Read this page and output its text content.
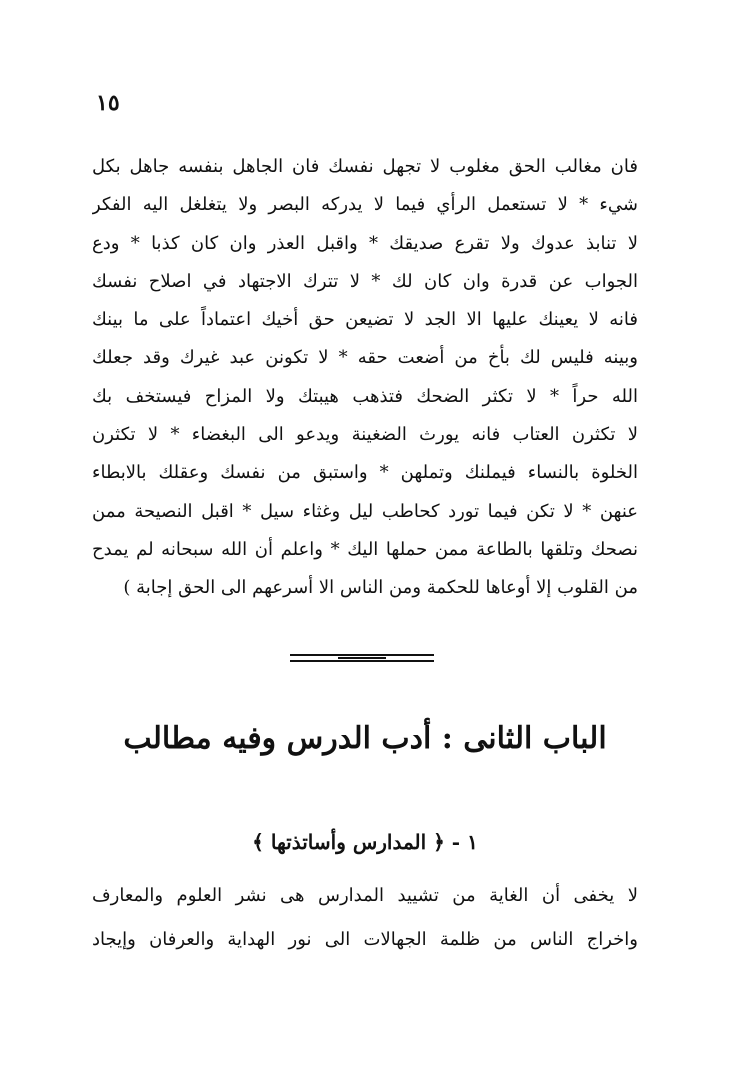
١٥
فان مغالب الحق مغلوب لا تجهل نفسك فان الجاهل بنفسه جاهل بكل
شيء * لا تستعمل الرأي فيما لا يدركه البصر ولا يتغلغل اليه الفكر
لا تنابذ عدوك ولا تقرع صديقك * واقبل العذر وان كان كذبا * ودع
الجواب عن قدرة وان كان لك * لا تترك الاجتهاد في اصلاح نفسك
فانه لا يعينك عليها الا الجد لا تضيعن حق أخيك اعتماداً على ما بينك
وبينه فليس لك بأخ من أضعت حقه * لا تكونن عبد غيرك وقد جعلك
الله حراً * لا تكثر الضحك فتذهب هيبتك ولا المزاح فيستخف بك
لا تكثرن العتاب فانه يورث الضغينة ويدعو الى البغضاء * لا تكثرن
الخلوة بالنساء فيملنك وتملهن * واستبق من نفسك وعقلك بالابطاء
عنهن * لا تكن فيما تورد كحاطب ليل وغثاء سيل * اقبل النصيحة ممن
نصحك وتلقها بالطاعة ممن حملها اليك * واعلم أن الله سبحانه لم يمدح
من القلوب إلا أوعاها للحكمة ومن الناس الا أسرعهم الى الحق إجابة )
الباب الثانى : أدب الدرس وفيه مطالب
١ - ﴿ المدارس وأساتذتها ﴾
لا يخفى أن الغاية من تشييد المدارس هى نشر العلوم والمعارف
واخراج الناس من ظلمة الجهالات الى نور الهداية والعرفان وإيجاد
